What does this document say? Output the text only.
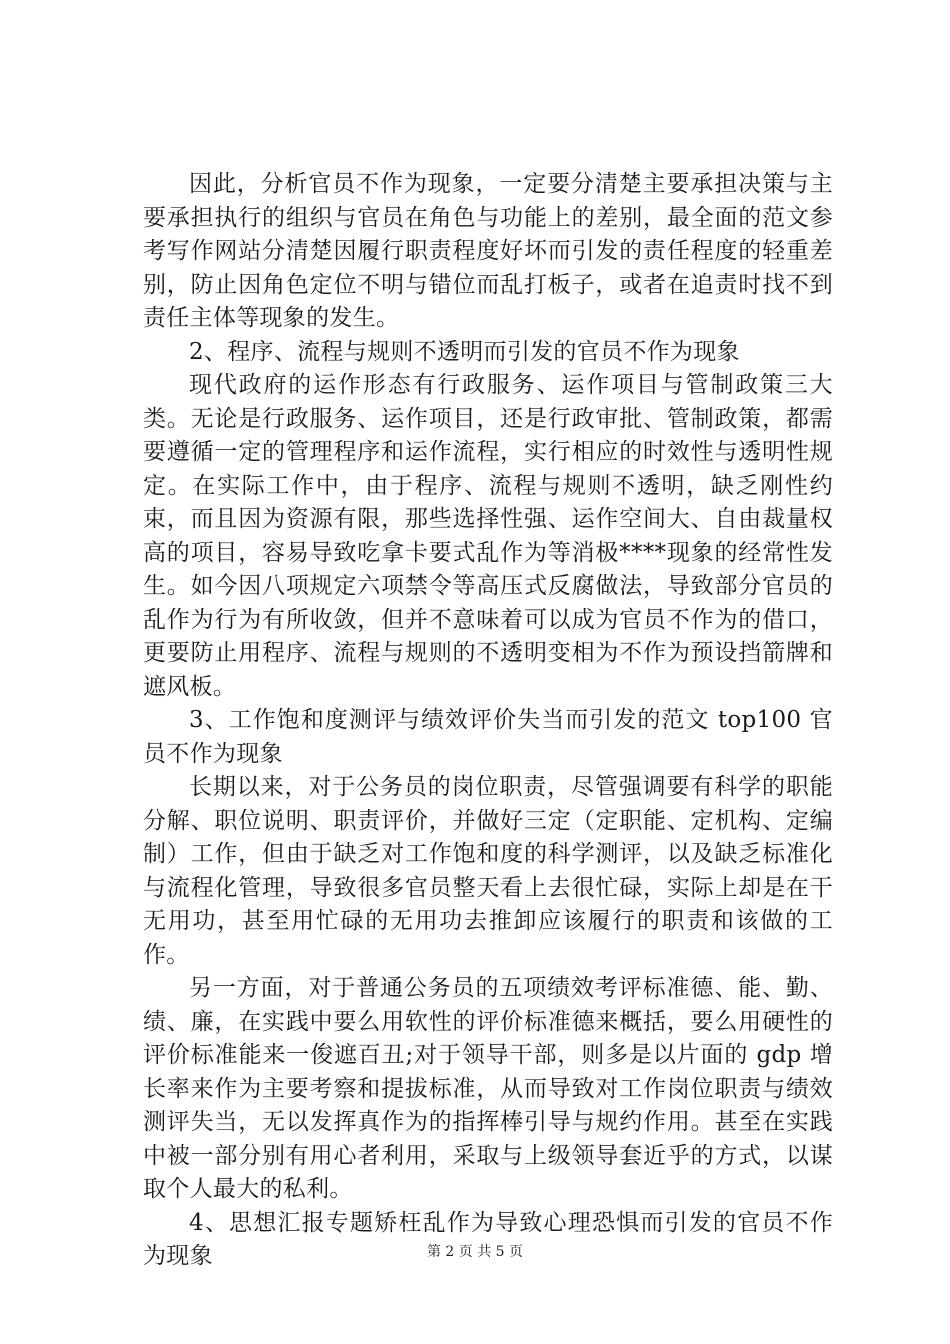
因此，分析官员不作为现象，一定要分清楚主要承担决策与主要承担执行的组织与官员在角色与功能上的差别，最全面的范文参考写作网站分清楚因履行职责程度好坏而引发的责任程度的轻重差别，防止因角色定位不明与错位而乱打板子，或者在追责时找不到责任主体等现象的发生。

2、程序、流程与规则不透明而引发的官员不作为现象

现代政府的运作形态有行政服务、运作项目与管制政策三大类。无论是行政服务、运作项目，还是行政审批、管制政策，都需要遵循一定的管理程序和运作流程，实行相应的时效性与透明性规定。在实际工作中，由于程序、流程与规则不透明，缺乏刚性约束，而且因为资源有限，那些选择性强、运作空间大、自由裁量权高的项目，容易导致吃拿卡要式乱作为等消极****现象的经常性发生。如今因八项规定六项禁令等高压式反腐做法，导致部分官员的乱作为行为有所收敛，但并不意味着可以成为官员不作为的借口，更要防止用程序、流程与规则的不透明变相为不作为预设挡箭牌和遮风板。

3、工作饱和度测评与绩效评价失当而引发的范文 top100 官员不作为现象

长期以来，对于公务员的岗位职责，尽管强调要有科学的职能分解、职位说明、职责评价，并做好三定（定职能、定机构、定编制）工作，但由于缺乏对工作饱和度的科学测评，以及缺乏标准化与流程化管理，导致很多官员整天看上去很忙碌，实际上却是在干无用功，甚至用忙碌的无用功去推卸应该履行的职责和该做的工作。

另一方面，对于普通公务员的五项绩效考评标准德、能、勤、绩、廉，在实践中要么用软性的评价标准德来概括，要么用硬性的评价标准能来一俊遮百丑;对于领导干部，则多是以片面的 gdp 增长率来作为主要考察和提拔标准，从而导致对工作岗位职责与绩效测评失当，无以发挥真作为的指挥棒引导与规约作用。甚至在实践中被一部分别有用心者利用，采取与上级领导套近乎的方式，以谋取个人最大的私利。

4、思想汇报专题矫枉乱作为导致心理恐惧而引发的官员不作为现象	第 2 页 共 5 页
